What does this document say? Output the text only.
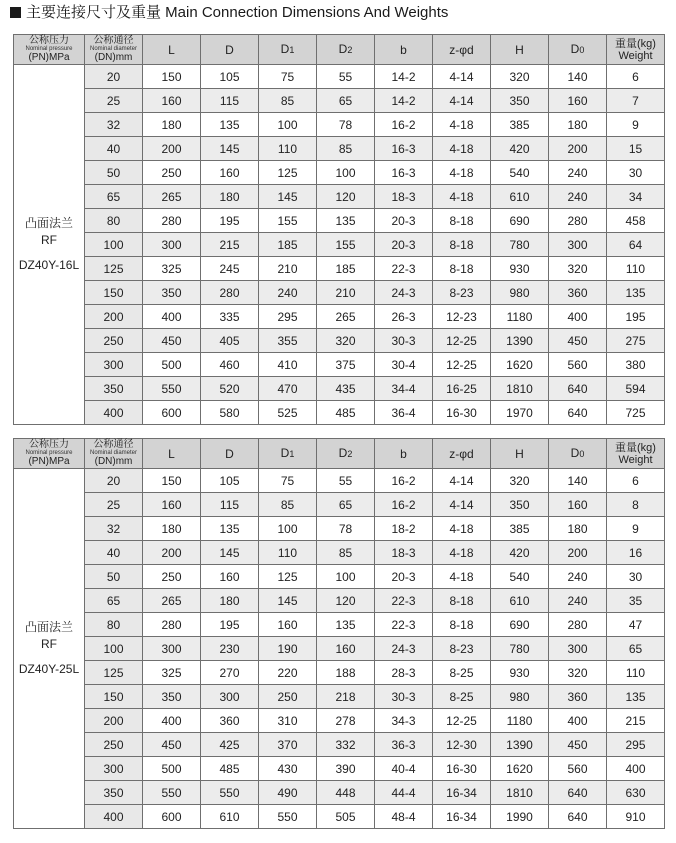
主要连接尺寸及重量 Main Connection Dimensions And Weights
公称压力
Nominal pressure
(PN)MPa	公称通径
Nominal diameter
(DN)mm	L	D	D1	D2	b	z-φd	H	D0	重量(kg)
Weight

凸面法兰
RF
DZ40Y-16L	20	150	105	75	55	14-2	4-14	320	140	6
	25	160	115	85	65	14-2	4-14	350	160	7
	32	180	135	100	78	16-2	4-18	385	180	9
	40	200	145	110	85	16-3	4-18	420	200	15
	50	250	160	125	100	16-3	4-18	540	240	30
	65	265	180	145	120	18-3	4-18	610	240	34
	80	280	195	155	135	20-3	8-18	690	280	458
	100	300	215	185	155	20-3	8-18	780	300	64
	125	325	245	210	185	22-3	8-18	930	320	110
	150	350	280	240	210	24-3	8-23	980	360	135
	200	400	335	295	265	26-3	12-23	1180	400	195
	250	450	405	355	320	30-3	12-25	1390	450	275
	300	500	460	410	375	30-4	12-25	1620	560	380
	350	550	520	470	435	34-4	16-25	1810	640	594
	400	600	580	525	485	36-4	16-30	1970	640	725
公称压力
Nominal pressure
(PN)MPa	公称通径
Nominal diameter
(DN)mm	L	D	D1	D2	b	z-φd	H	D0	重量(kg)
Weight

凸面法兰
RF
DZ40Y-25L	20	150	105	75	55	16-2	4-14	320	140	6
	25	160	115	85	65	16-2	4-14	350	160	8
	32	180	135	100	78	18-2	4-18	385	180	9
	40	200	145	110	85	18-3	4-18	420	200	16
	50	250	160	125	100	20-3	4-18	540	240	30
	65	265	180	145	120	22-3	8-18	610	240	35
	80	280	195	160	135	22-3	8-18	690	280	47
	100	300	230	190	160	24-3	8-23	780	300	65
	125	325	270	220	188	28-3	8-25	930	320	110
	150	350	300	250	218	30-3	8-25	980	360	135
	200	400	360	310	278	34-3	12-25	1180	400	215
	250	450	425	370	332	36-3	12-30	1390	450	295
	300	500	485	430	390	40-4	16-30	1620	560	400
	350	550	550	490	448	44-4	16-34	1810	640	630
	400	600	610	550	505	48-4	16-34	1990	640	910
